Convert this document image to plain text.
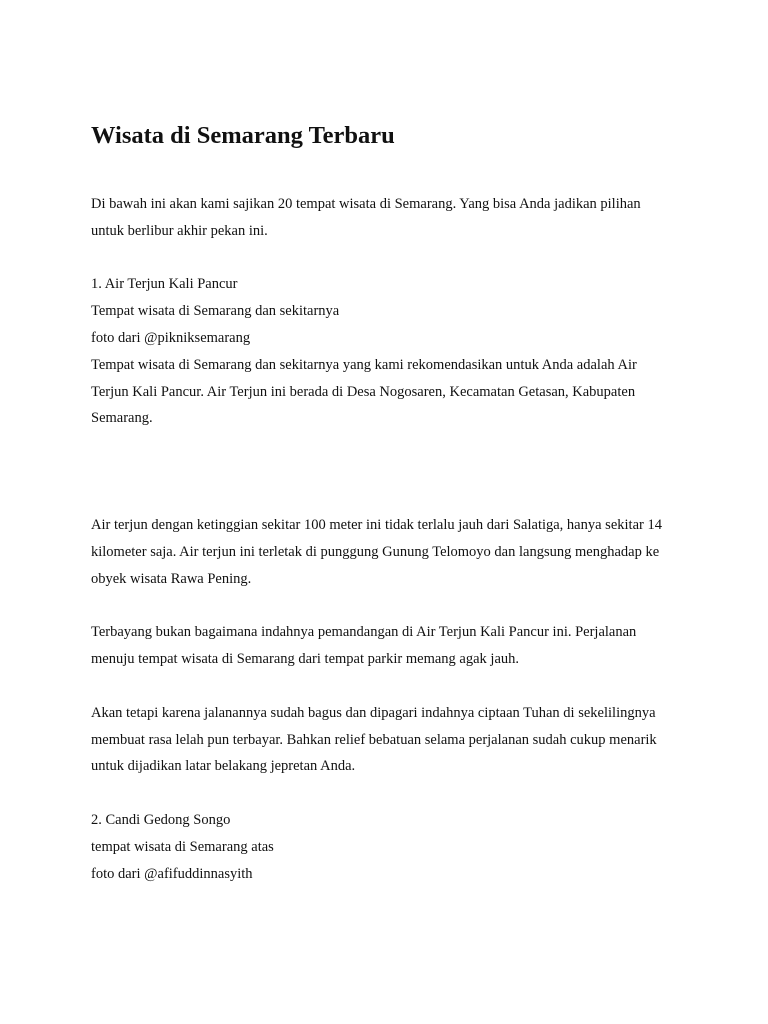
Wisata di Semarang Terbaru

Di bawah ini akan kami sajikan 20 tempat wisata di Semarang. Yang bisa Anda jadikan pilihan
untuk berlibur akhir pekan ini.

1. Air Terjun Kali Pancur
Tempat wisata di Semarang dan sekitarnya
foto dari @pikniksemarang

Tempat wisata di Semarang dan sekitarnya yang kami rekomendasikan untuk Anda adalah Air
Terjun Kali Pancur. Air Terjun ini berada di Desa Nogosaren, Kecamatan Getasan, Kabupaten
Semarang.

Air terjun dengan ketinggian sekitar 100 meter ini tidak terlalu jauh dari Salatiga, hanya sekitar 14
kilometer saja. Air terjun ini terletak di punggung Gunung Telomoyo dan langsung menghadap ke
obyek wisata Rawa Pening.

Terbayang bukan bagaimana indahnya pemandangan di Air Terjun Kali Pancur ini. Perjalanan
menuju tempat wisata di Semarang dari tempat parkir memang agak jauh.

Akan tetapi karena jalanannya sudah bagus dan dipagari indahnya ciptaan Tuhan di sekelilingnya
membuat rasa lelah pun terbayar. Bahkan relief bebatuan selama perjalanan sudah cukup menarik
untuk dijadikan latar belakang jepretan Anda.

2. Candi Gedong Songo
tempat wisata di Semarang atas
foto dari @afifuddinnasyith
